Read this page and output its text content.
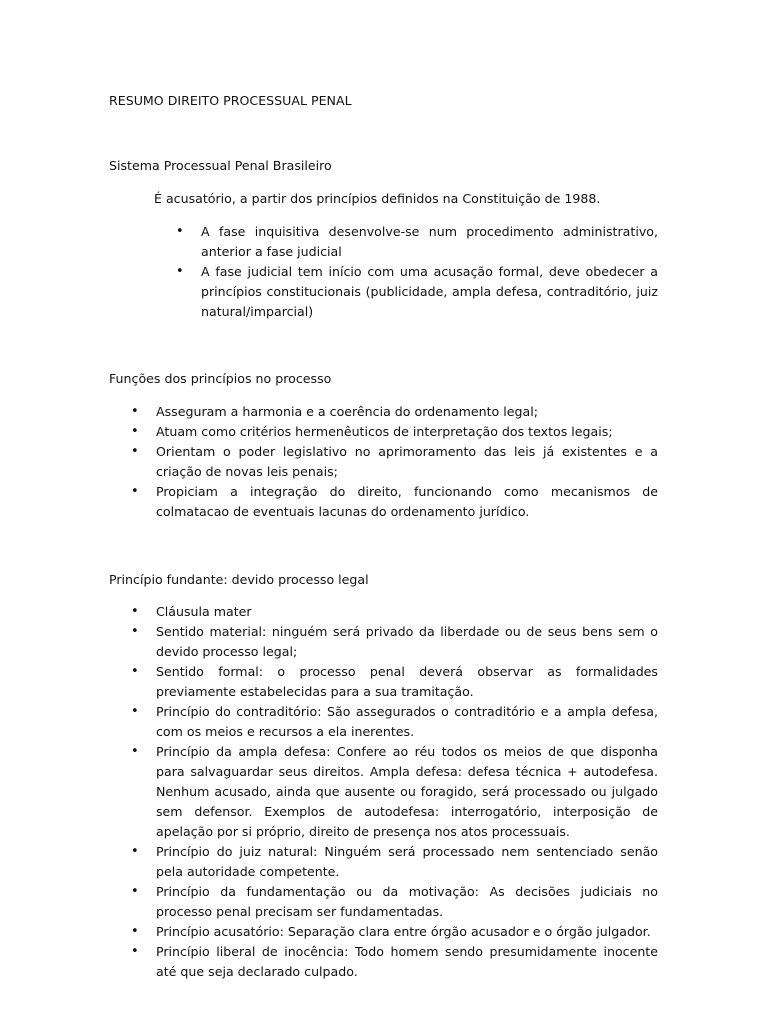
RESUMO DIREITO PROCESSUAL PENAL

Sistema Processual Penal Brasileiro

É acusatório, a partir dos princípios definidos na Constituição de 1988.

• A fase inquisitiva desenvolve-se num procedimento administrativo, anterior a fase judicial
• A fase judicial tem início com uma acusação formal, deve obedecer a princípios constitucionais (publicidade, ampla defesa, contraditório, juiz natural/imparcial)

Funções dos princípios no processo

• Asseguram a harmonia e a coerência do ordenamento legal;
• Atuam como critérios hermenêuticos de interpretação dos textos legais;
• Orientam o poder legislativo no aprimoramento das leis já existentes e a criação de novas leis penais;
• Propiciam a integração do direito, funcionando como mecanismos de colmatacao de eventuais lacunas do ordenamento jurídico.

Princípio fundante: devido processo legal

• Cláusula mater
• Sentido material: ninguém será privado da liberdade ou de seus bens sem o devido processo legal;
• Sentido formal: o processo penal deverá observar as formalidades previamente estabelecidas para a sua tramitação.
• Princípio do contraditório: São assegurados o contraditório e a ampla defesa, com os meios e recursos a ela inerentes.
• Princípio da ampla defesa: Confere ao réu todos os meios de que disponha para salvaguardar seus direitos. Ampla defesa: defesa técnica + autodefesa. Nenhum acusado, ainda que ausente ou foragido, será processado ou julgado sem defensor. Exemplos de autodefesa: interrogatório, interposição de apelação por si próprio, direito de presença nos atos processuais.
• Princípio do juiz natural: Ninguém será processado nem sentenciado senão pela autoridade competente.
• Princípio da fundamentação ou da motivação: As decisões judiciais no processo penal precisam ser fundamentadas.
• Princípio acusatório: Separação clara entre órgão acusador e o órgão julgador.
• Princípio liberal de inocência: Todo homem sendo presumidamente inocente até que seja declarado culpado.
